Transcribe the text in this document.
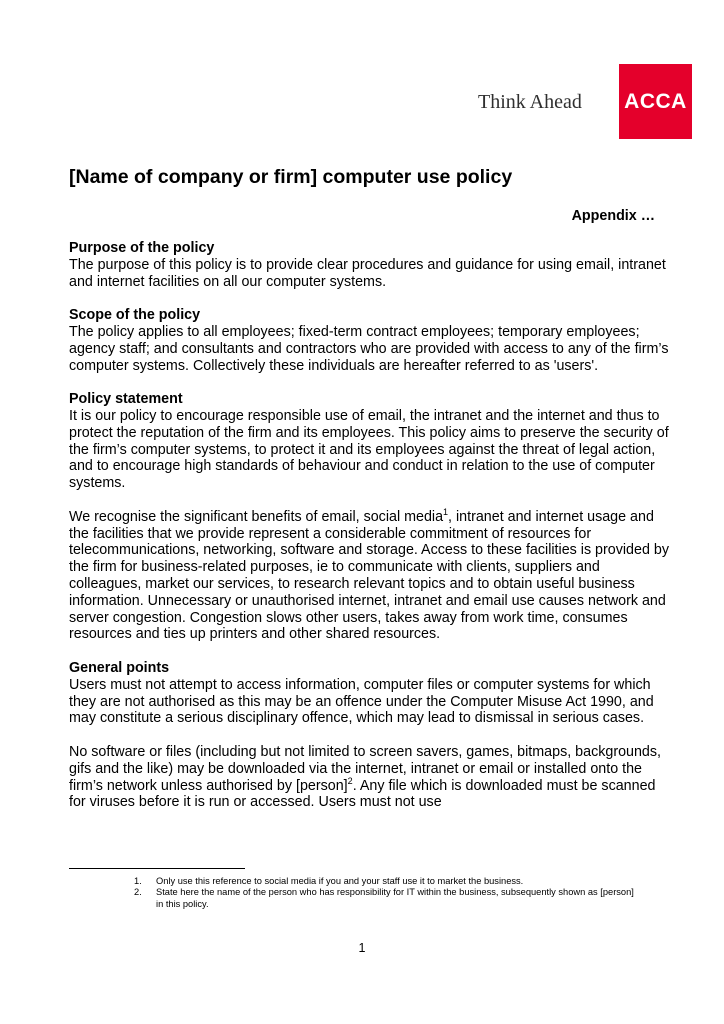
Think Ahead ACCA
[Name of company or firm] computer use policy

Appendix …

Purpose of the policy

The purpose of this policy is to provide clear procedures and guidance for using email, intranet and internet facilities on all our computer systems.

Scope of the policy

The policy applies to all employees; fixed-term contract employees; temporary employees; agency staff; and consultants and contractors who are provided with access to any of the firm’s computer systems. Collectively these individuals are hereafter referred to as 'users'.

Policy statement

It is our policy to encourage responsible use of email, the intranet and the internet and thus to protect the reputation of the firm and its employees. This policy aims to preserve the security of the firm’s computer systems, to protect it and its employees against the threat of legal action, and to encourage high standards of behaviour and conduct in relation to the use of computer systems.

We recognise the significant benefits of email, social media$^1$, intranet and internet usage and the facilities that we provide represent a considerable commitment of resources for telecommunications, networking, software and storage. Access to these facilities is provided by the firm for business-related purposes, ie to communicate with clients, suppliers and colleagues, market our services, to research relevant topics and to obtain useful business information. Unnecessary or unauthorised internet, intranet and email use causes network and server congestion. Congestion slows other users, takes away from work time, consumes resources and ties up printers and other shared resources.

General points

Users must not attempt to access information, computer files or computer systems for which they are not authorised as this may be an offence under the Computer Misuse Act 1990, and may constitute a serious disciplinary offence, which may lead to dismissal in serious cases.

No software or files (including but not limited to screen savers, games, bitmaps, backgrounds, gifs and the like) may be downloaded via the internet, intranet or email or installed onto the firm’s network unless authorised by [person]$^2$. Any file which is downloaded must be scanned for viruses before it is run or accessed. Users must not use

1.	Only use this reference to social media if you and your staff use it to market the business.
2.	State here the name of the person who has responsibility for IT within the business, subsequently shown as [person] in this policy.
1
